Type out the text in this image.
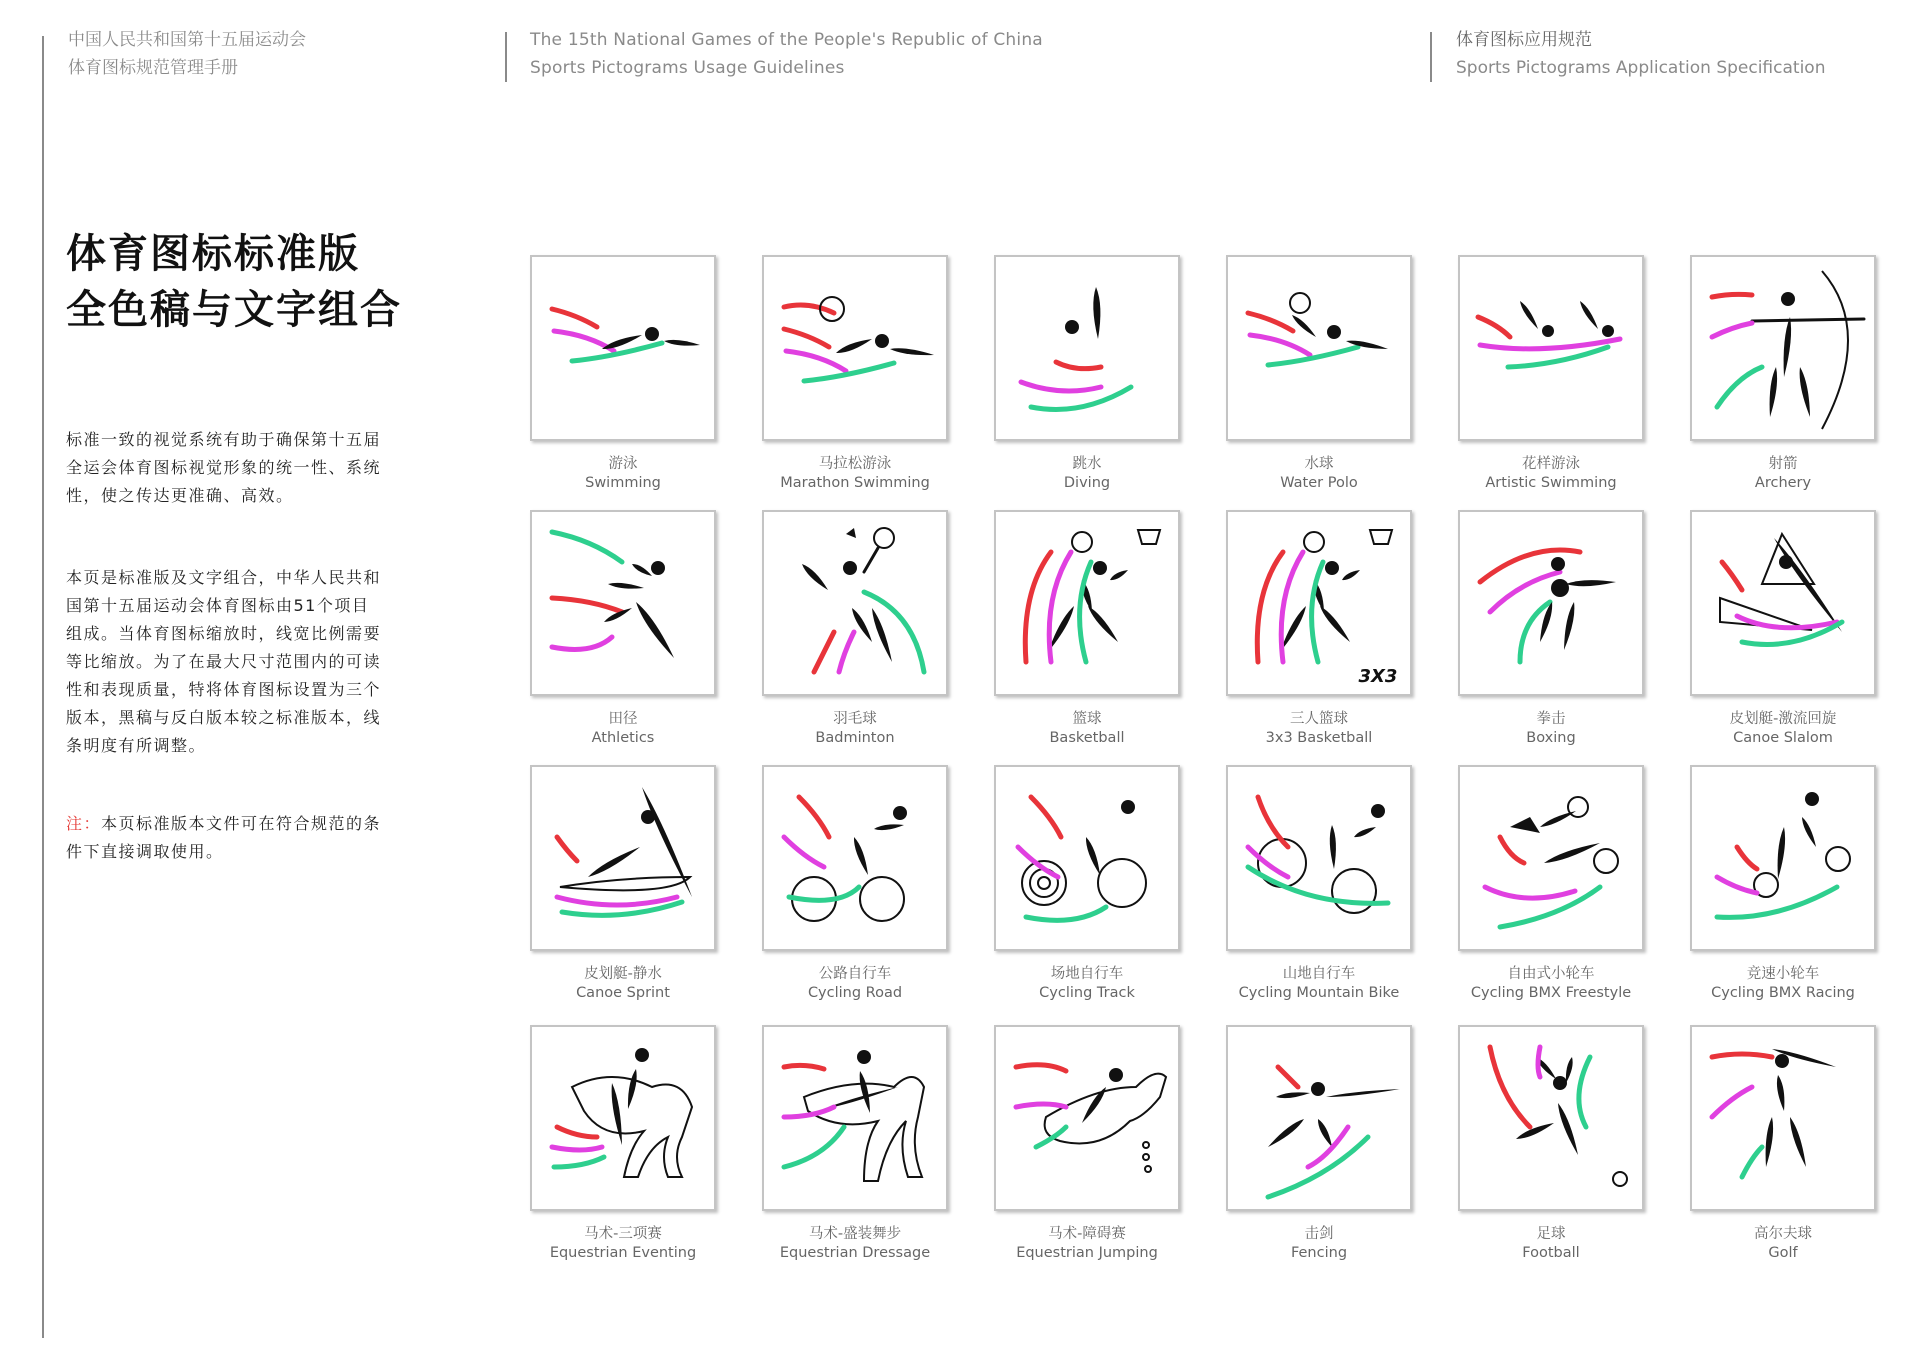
中国人民共和国第十五届运动会
体育图标规范管理手册
The 15th National Games of the People's Republic of China
Sports Pictograms Usage Guidelines
体育图标应用规范
Sports Pictograms Application Specification
体育图标标准版
全色稿与文字组合
标准一致的视觉系统有助于确保第十五届全运会体育图标视觉形象的统一性、系统性，使之传达更准确、高效。
本页是标准版及文字组合，中华人民共和国第十五届运动会体育图标由51个项目组成。当体育图标缩放时，线宽比例需要等比缩放。为了在最大尺寸范围内的可读性和表现质量，特将体育图标设置为三个版本，黑稿与反白版本较之标准版本，线条明度有所调整。
注：本页标准版本文件可在符合规范的条件下直接调取使用。
游泳
Swimming
马拉松游泳
Marathon Swimming
跳水
Diving
水球
Water Polo
花样游泳
Artistic Swimming
射箭
Archery
田径
Athletics
羽毛球
Badminton
篮球
Basketball
3X3
三人篮球
3x3 Basketball
拳击
Boxing
皮划艇-激流回旋
Canoe Slalom
皮划艇-静水
Canoe Sprint
公路自行车
Cycling Road
场地自行车
Cycling Track
山地自行车
Cycling Mountain Bike
自由式小轮车
Cycling BMX Freestyle
竞速小轮车
Cycling BMX Racing
马术-三项赛
Equestrian Eventing
马术-盛装舞步
Equestrian Dressage
马术-障碍赛
Equestrian Jumping
击剑
Fencing
足球
Football
高尔夫球
Golf
